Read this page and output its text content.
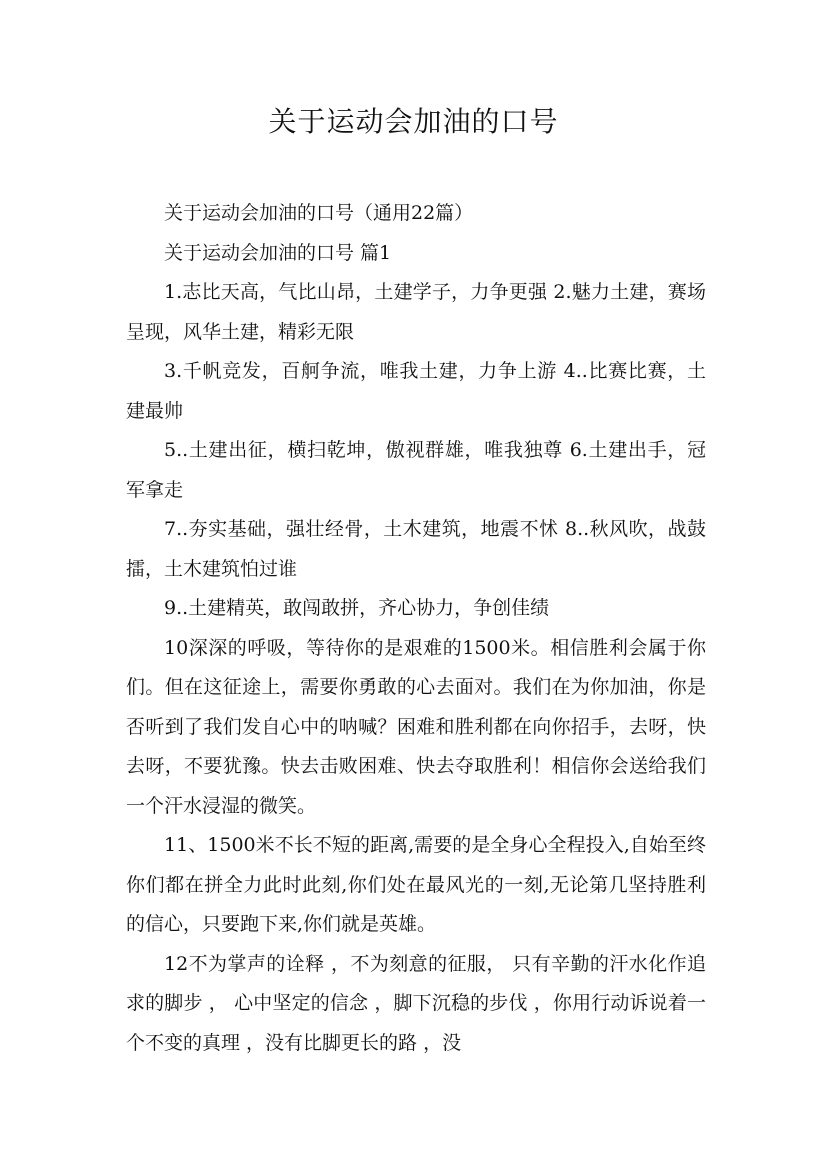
关于运动会加油的口号

关于运动会加油的口号（通用22篇）

关于运动会加油的口号 篇1

1.志比天高，气比山昂，土建学子，力争更强 2.魅力土建，赛场呈现，风华土建，精彩无限

3.千帆竞发，百舸争流，唯我土建，力争上游 4..比赛比赛，土建最帅

5..土建出征，横扫乾坤，傲视群雄，唯我独尊 6.土建出手，冠军拿走

7..夯实基础，强壮经骨，土木建筑，地震不怵 8..秋风吹，战鼓擂，土木建筑怕过谁

9..土建精英，敢闯敢拼，齐心协力，争创佳绩

10深深的呼吸，等待你的是艰难的1500米。相信胜利会属于你们。但在这征途上，需要你勇敢的心去面对。我们在为你加油，你是否听到了我们发自心中的呐喊？困难和胜利都在向你招手，去呀，快去呀，不要犹豫。快去击败困难、快去夺取胜利！相信你会送给我们一个汗水浸湿的微笑。

11、1500米不长不短的距离,需要的是全身心全程投入,自始至终你们都在拼全力此时此刻,你们处在最风光的一刻,无论第几坚持胜利的信心，只要跑下来,你们就是英雄。

12不为掌声的诠释 ，不为刻意的征服， 只有辛勤的汗水化作追求的脚步 ， 心中坚定的信念 ，脚下沉稳的步伐 ，你用行动诉说着一个不变的真理 ，没有比脚更长的路 ，没
